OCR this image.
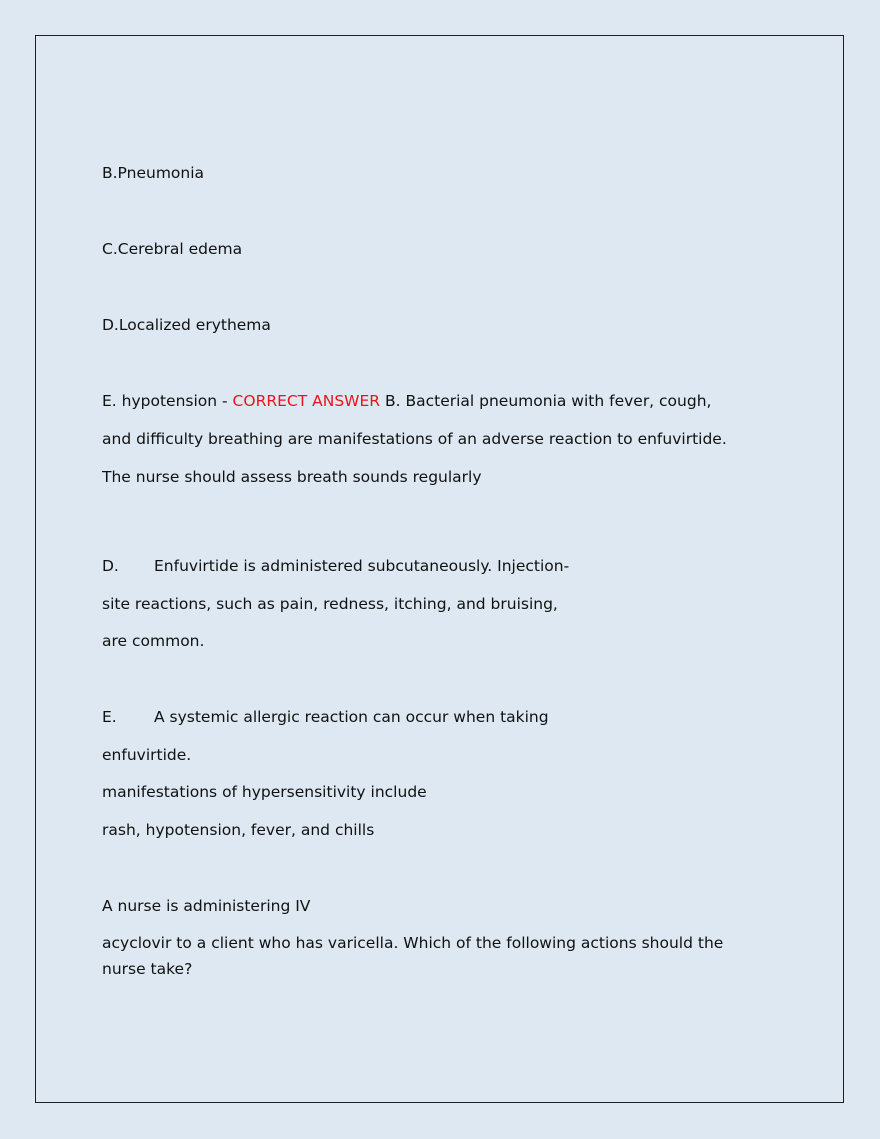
B.Pneumonia
C.Cerebral edema
D.Localized erythema
E. hypotension - CORRECT ANSWER B. Bacterial pneumonia with fever, cough,
and difficulty breathing are manifestations of an adverse reaction to enfuvirtide.
The nurse should assess breath sounds regularly
D. Enfuvirtide is administered subcutaneously. Injection-
site reactions, such as pain, redness, itching, and bruising,
are common.
E. A systemic allergic reaction can occur when taking
enfuvirtide.
manifestations of hypersensitivity include
rash, hypotension, fever, and chills
A nurse is administering IV
acyclovir to a client who has varicella. Which of the following actions should the nurse take?
